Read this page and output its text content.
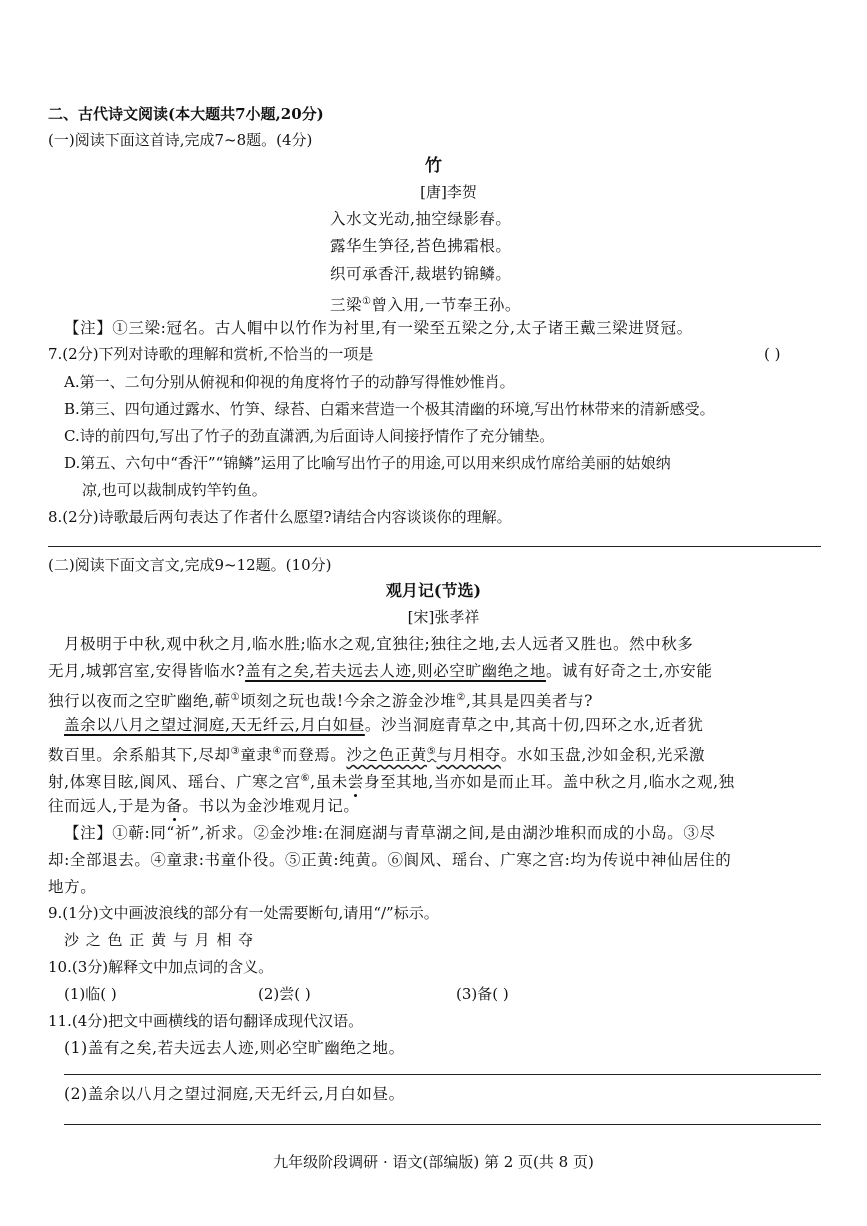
二、古代诗文阅读(本大题共7小题,20分)
(一)阅读下面这首诗,完成7~8题。(4分)
竹
[唐]李贺
入水文光动,抽空绿影春。
露华生笋径,苔色拂霜根。
织可承香汗,裁堪钓锦鳞。
三梁①曾入用,一节奉王孙。
【注】①三梁:冠名。古人帽中以竹作为衬里,有一梁至五梁之分,太子诸王戴三梁进贤冠。
7.(2分)下列对诗歌的理解和赏析,不恰当的一项是	( )
A.第一、二句分别从俯视和仰视的角度将竹子的动静写得惟妙惟肖。
B.第三、四句通过露水、竹笋、绿苔、白霜来营造一个极其清幽的环境,写出竹林带来的清新感受。
C.诗的前四句,写出了竹子的劲直潇洒,为后面诗人间接抒情作了充分铺垫。
D.第五、六句中“香汗”“锦鳞”运用了比喻写出竹子的用途,可以用来织成竹席给美丽的姑娘纳
凉,也可以裁制成钓竿钓鱼。
8.(2分)诗歌最后两句表达了作者什么愿望?请结合内容谈谈你的理解。
(二)阅读下面文言文,完成9~12题。(10分)
观月记(节选)
[宋]张孝祥
月极明于中秋,观中秋之月,临水胜;临水之观,宜独往;独往之地,去人远者又胜也。然中秋多
无月,城郭宫室,安得皆临水?盖有之矣,若夫远去人迹,则必空旷幽绝之地。诚有好奇之士,亦安能
独行以夜而之空旷幽绝,蕲①顷刻之玩也哉!今余之游金沙堆②,其具是四美者与?
盖余以八月之望过洞庭,天无纤云,月白如昼。沙当洞庭青草之中,其高十仞,四环之水,近者犹
数百里。余系船其下,尽却③童隶④而登焉。沙之色正黄⑤与月相夺。水如玉盘,沙如金积,光采激
射,体寒目眩,阆风、瑶台、广寒之宫⑥,虽未尝身至其地,当亦如是而止耳。盖中秋之月,临水之观,独
往而远人,于是为备。书以为金沙堆观月记。
【注】①蕲:同“祈”,祈求。②金沙堆:在洞庭湖与青草湖之间,是由湖沙堆积而成的小岛。③尽
却:全部退去。④童隶:书童仆役。⑤正黄:纯黄。⑥阆风、瑶台、广寒之宫:均为传说中神仙居住的
地方。
9.(1分)文中画波浪线的部分有一处需要断句,请用“/”标示。
沙 之 色 正 黄 与 月 相 夺
10.(3分)解释文中加点词的含义。
(1)临( )	(2)尝( )	(3)备( )
11.(4分)把文中画横线的语句翻译成现代汉语。
(1)盖有之矣,若夫远去人迹,则必空旷幽绝之地。
(2)盖余以八月之望过洞庭,天无纤云,月白如昼。
九年级阶段调研 · 语文(部编版) 第 2 页(共 8 页)
